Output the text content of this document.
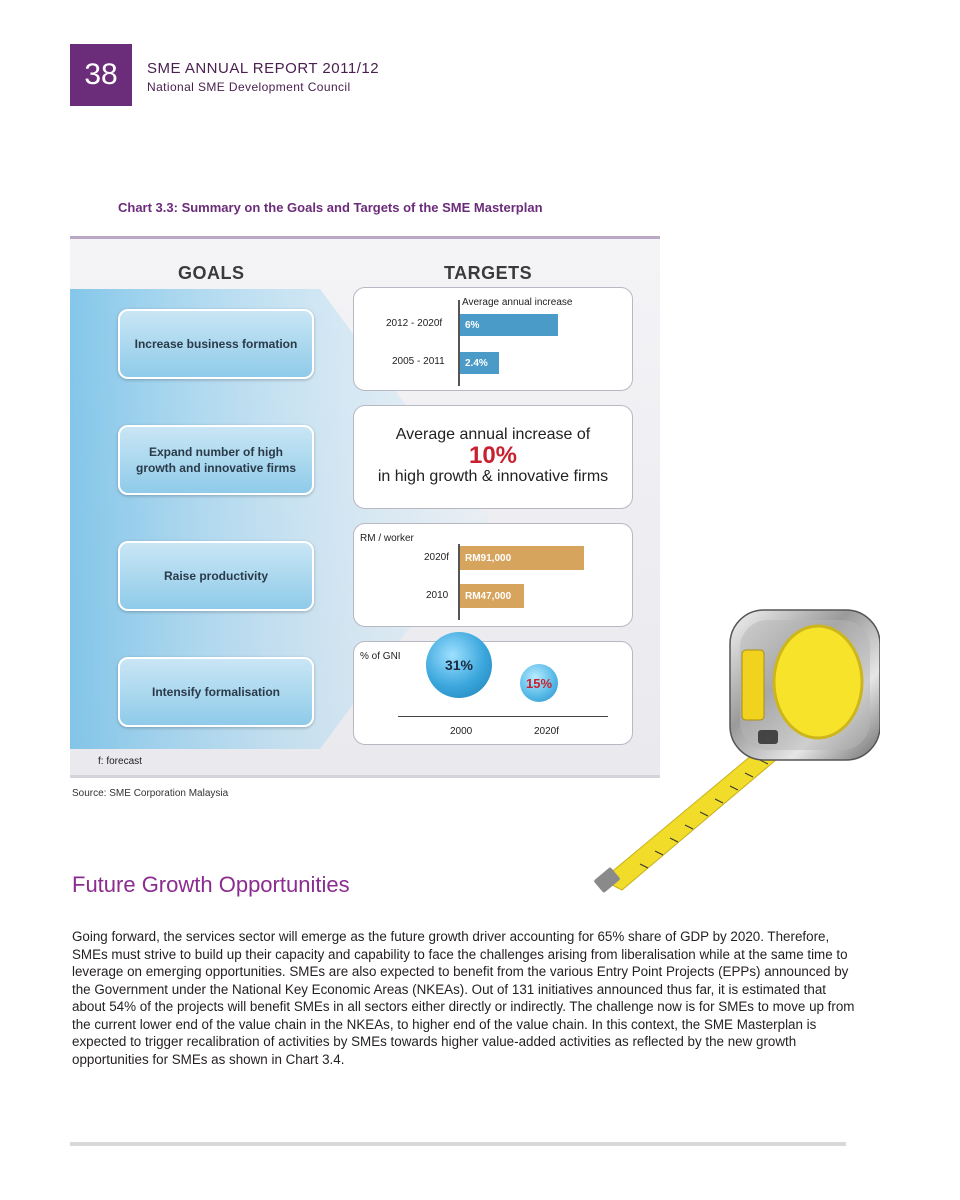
38	SME ANNUAL REPORT 2011/12
National SME Development Council
Chart 3.3: Summary on the Goals and Targets of the SME Masterplan
GOALS	TARGETS
Increase business formation
Expand number of high growth and innovative firms
Raise productivity
Intensify formalisation
Average annual increase
2012 - 2020f	6%
2005 - 2011	2.4%
Average annual increase of
10%
in high growth & innovative firms
RM / worker
2020f	RM91,000
2010	RM47,000
% of GNI
31%
15%
2000	2020f
f: forecast
Source: SME Corporation Malaysia
Future Growth Opportunities
Going forward, the services sector will emerge as the future growth driver accounting for 65% share of GDP by 2020. Therefore, SMEs must strive to build up their capacity and capability to face the challenges arising from liberalisation while at the same time to leverage on emerging opportunities. SMEs are also expected to benefit from the various Entry Point Projects (EPPs) announced by the Government under the National Key Economic Areas (NKEAs). Out of 131 initiatives announced thus far, it is estimated that about 54% of the projects will benefit SMEs in all sectors either directly or indirectly. The challenge now is for SMEs to move up from the current lower end of the value chain in the NKEAs, to higher end of the value chain. In this context, the SME Masterplan is expected to trigger recalibration of activities by SMEs towards higher value-added activities as reflected by the new growth opportunities for SMEs as shown in Chart 3.4.
